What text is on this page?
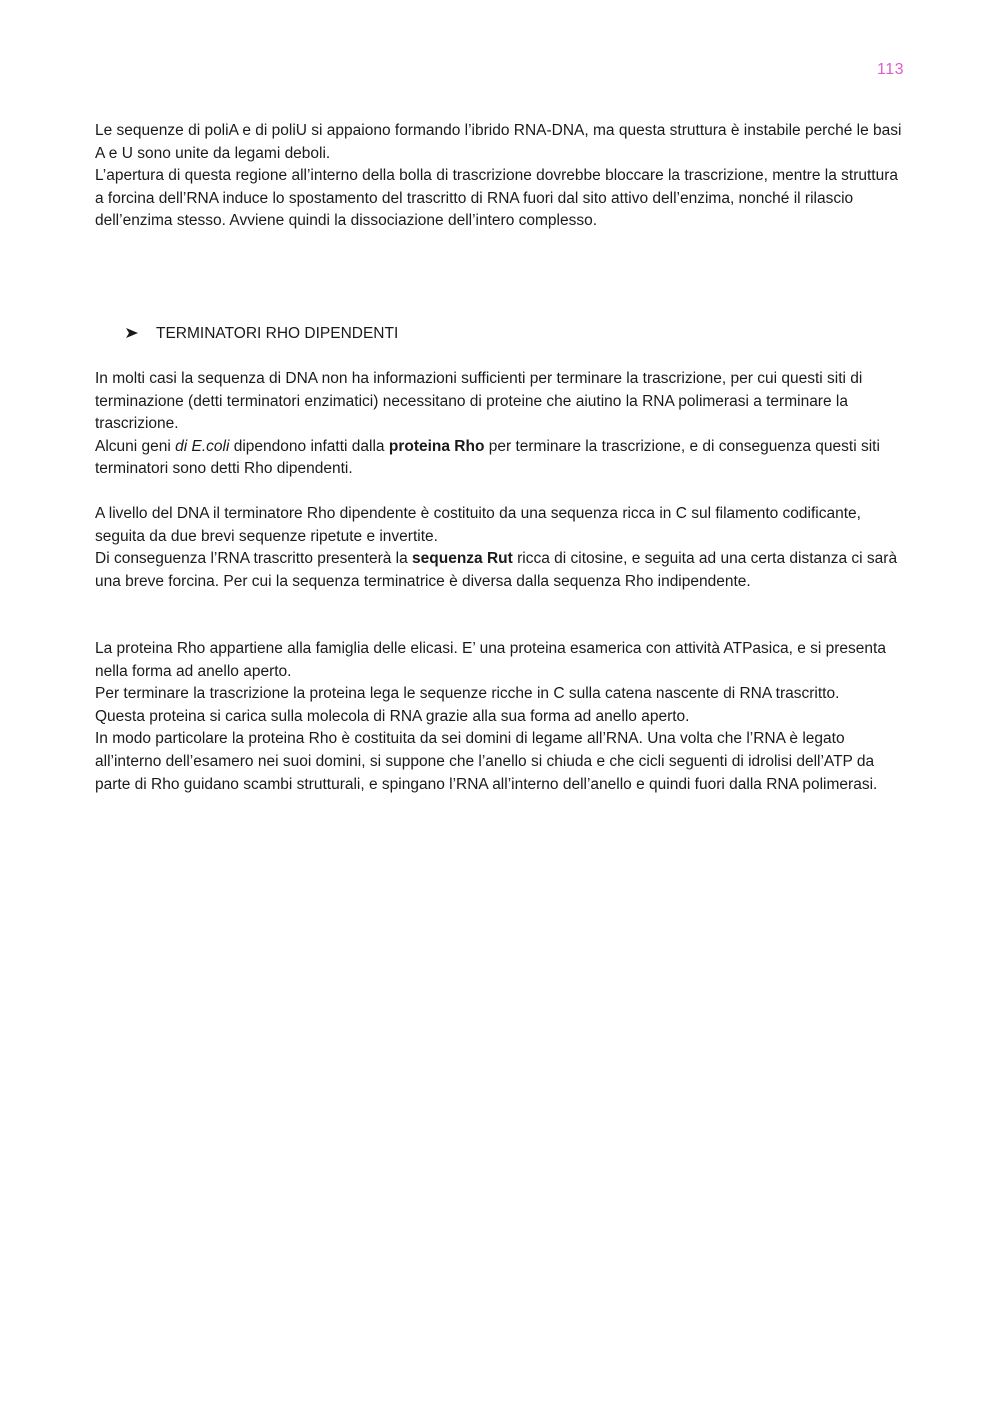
113

Le sequenze di poliA e di poliU si appaiono formando l’ibrido RNA-DNA, ma questa struttura è instabile perché le basi A e U sono unite da legami deboli.

L’apertura di questa regione all’interno della bolla di trascrizione dovrebbe bloccare la trascrizione, mentre la struttura a forcina dell’RNA induce lo spostamento del trascritto di RNA fuori dal sito attivo dell’enzima, nonché il rilascio dell’enzima stesso. Avviene quindi la dissociazione dell’intero complesso.

TERMINATORI RHO DIPENDENTI

In molti casi la sequenza di DNA non ha informazioni sufficienti per terminare la trascrizione, per cui questi siti di terminazione (detti terminatori enzimatici) necessitano di proteine che aiutino la RNA polimerasi a terminare la trascrizione.

Alcuni geni di E.coli dipendono infatti dalla proteina Rho per terminare la trascrizione, e di conseguenza questi siti terminatori sono detti Rho dipendenti.

A livello del DNA il terminatore Rho dipendente è costituito da una sequenza ricca in C sul filamento codificante, seguita da due brevi sequenze ripetute e invertite.

Di conseguenza l’RNA trascritto presenterà la sequenza Rut ricca di citosine, e seguita ad una certa distanza ci sarà una breve forcina. Per cui la sequenza terminatrice è diversa dalla sequenza Rho indipendente.

La proteina Rho appartiene alla famiglia delle elicasi. E’ una proteina esamerica con attività ATPasica, e si presenta nella forma ad anello aperto.

Per terminare la trascrizione la proteina lega le sequenze ricche in C sulla catena nascente di RNA trascritto.

Questa proteina si carica sulla molecola di RNA grazie alla sua forma ad anello aperto.

In modo particolare la proteina Rho è costituita da sei domini di legame all’RNA. Una volta che l’RNA è legato all’interno dell’esamero nei suoi domini, si suppone che l’anello si chiuda e che cicli seguenti di idrolisi dell’ATP da parte di Rho guidano scambi strutturali, e spingano l’RNA all’interno dell’anello e quindi fuori dalla RNA polimerasi.
